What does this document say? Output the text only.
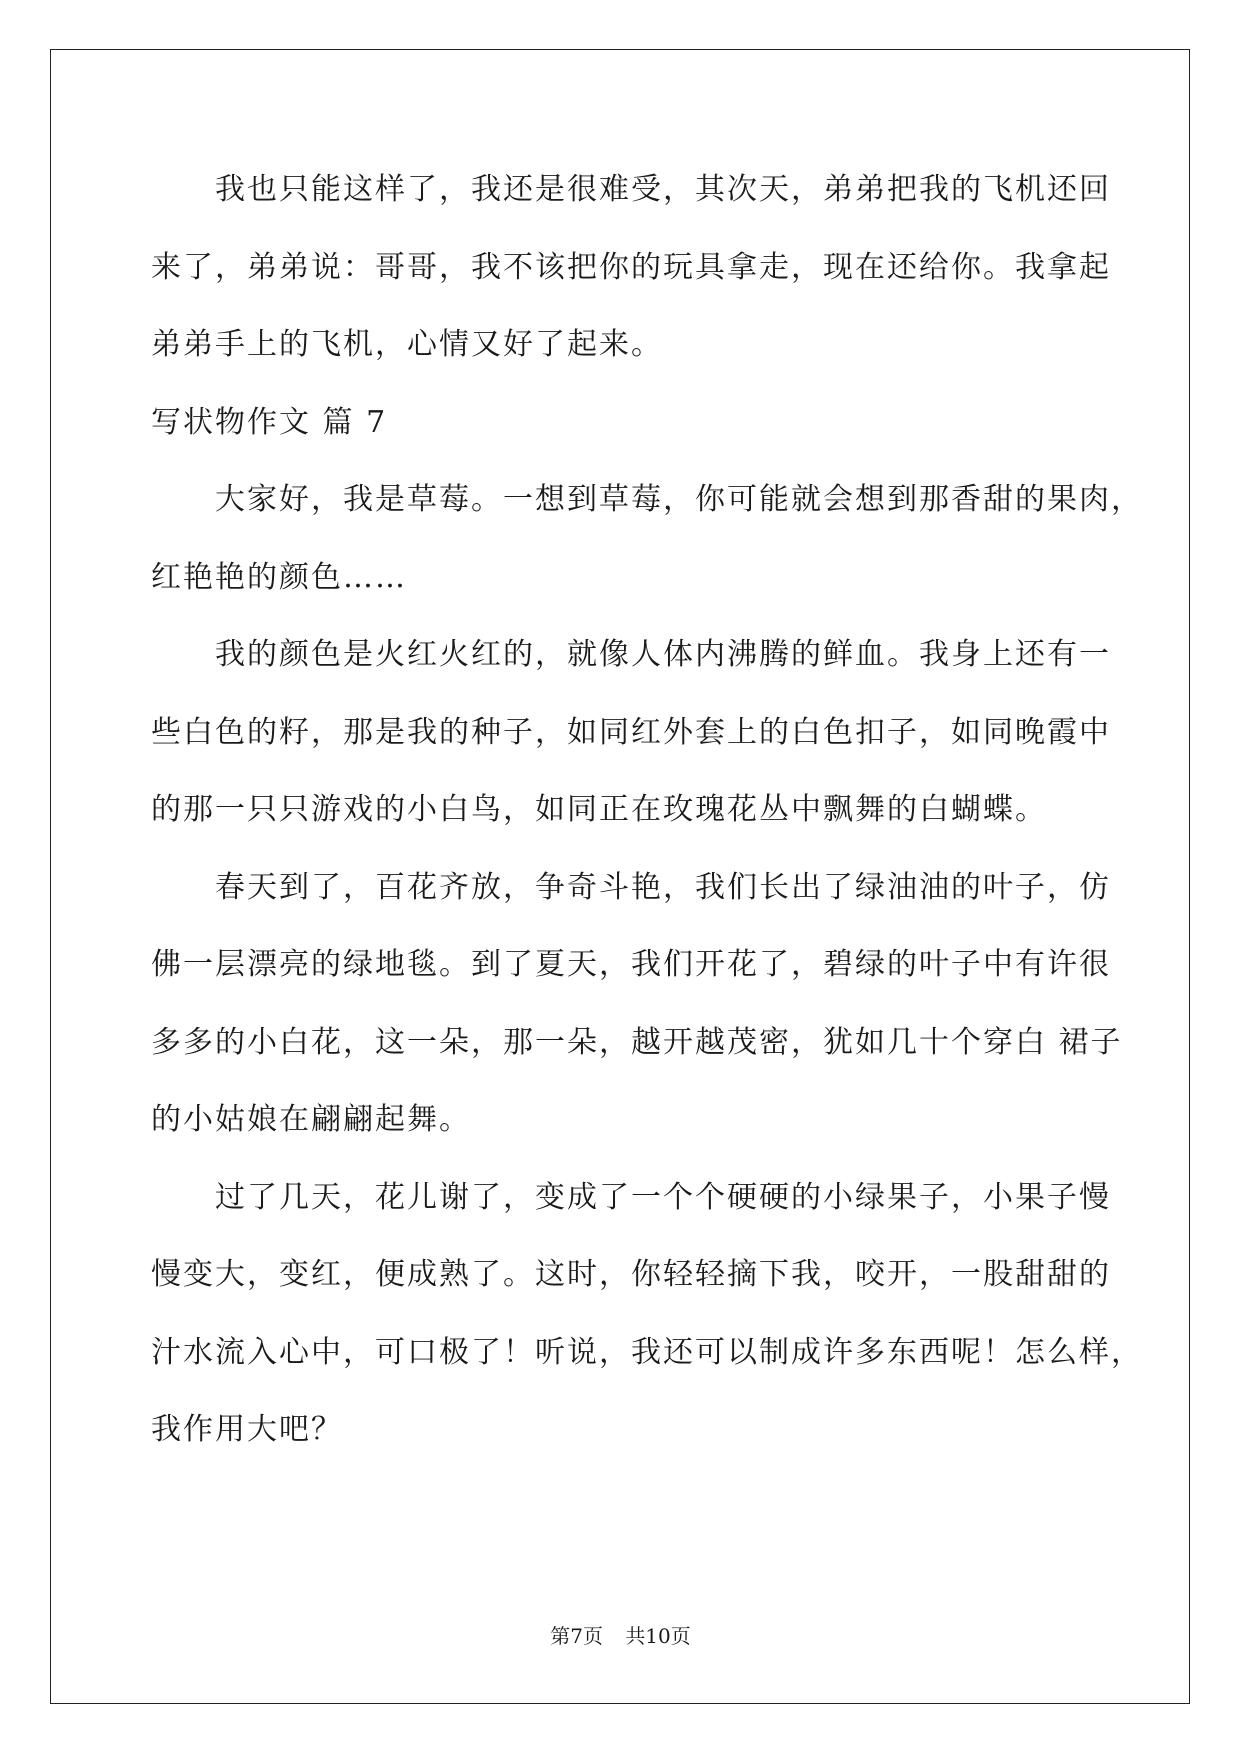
我也只能这样了，我还是很难受，其次天，弟弟把我的飞机还回
来了，弟弟说：哥哥，我不该把你的玩具拿走，现在还给你。我拿起
弟弟手上的飞机，心情又好了起来。
写状物作文 篇 7
大家好，我是草莓。一想到草莓，你可能就会想到那香甜的果肉，
红艳艳的颜色……
我的颜色是火红火红的，就像人体内沸腾的鲜血。我身上还有一
些白色的籽，那是我的种子，如同红外套上的白色扣子，如同晚霞中
的那一只只游戏的小白鸟，如同正在玫瑰花丛中飘舞的白蝴蝶。
春天到了，百花齐放，争奇斗艳，我们长出了绿油油的叶子，仿
佛一层漂亮的绿地毯。到了夏天，我们开花了，碧绿的叶子中有许很
多多的小白花，这一朵，那一朵，越开越茂密，犹如几十个穿白 裙子
的小姑娘在翩翩起舞。
过了几天，花儿谢了，变成了一个个硬硬的小绿果子，小果子慢
慢变大，变红，便成熟了。这时，你轻轻摘下我，咬开，一股甜甜的
汁水流入心中，可口极了！听说，我还可以制成许多东西呢！怎么样，
我作用大吧？
第7页 共10页
